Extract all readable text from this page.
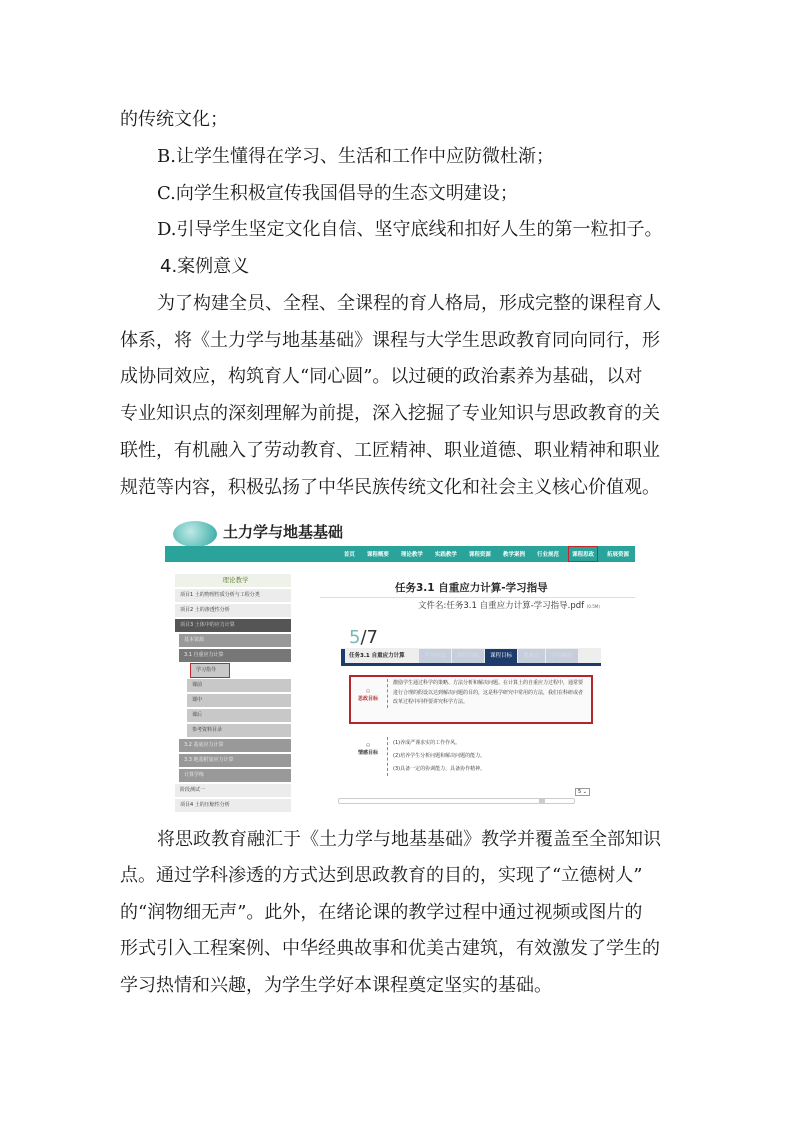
的传统文化；
B.让学生懂得在学习、生活和工作中应防微杜渐；
C.向学生积极宣传我国倡导的生态文明建设；
D.引导学生坚定文化自信、坚守底线和扣好人生的第一粒扣子。
4.案例意义
为了构建全员、全程、全课程的育人格局，形成完整的课程育人
体系，将《土力学与地基基础》课程与大学生思政教育同向同行，形
成协同效应，构筑育人“同心圆”。以过硬的政治素养为基础，以对
专业知识点的深刻理解为前提，深入挖掘了专业知识与思政教育的关
联性，有机融入了劳动教育、工匠精神、职业道德、职业精神和职业
规范等内容，积极弘扬了中华民族传统文化和社会主义核心价值观。
土力学与地基基础
首页	课程概要	理论教学	实践教学	课程资源	教学案例	行业规范	课程思政	拓展资源
理论教学
项目1 土的物理性质分析与工程分类
项目2 土的渗透性分析
项目3 土体中的应力计算
基本资源
3.1 自重应力计算
学习指导
课前
课中
课后
参考资料目录
3.2 基底应力计算
3.3 地基附加应力计算
计算学练
阶段测试一
项目4 土的压缩性分析
任务3.1 自重应力计算-学习指导
文件名:任务3.1 自重应力计算-学习指导.pdf (0.5M)
5/7
任务3.1 自重应力计算	学习方法	知识目标	课程目标	重难点	学习路径
⚇
思政目标
激励学生通过科学的策略、方法分析和解决问题。在计算土的自重应力过程中，通常要进行合理的假设以达到解决问题的目的，这是科学研究中常用的方法，我们在科研或者改革过程中同样要讲究科学方法。
⚇
情感目标
(1)养成严谨求实的工作作风。
(2)培养学生分析问题和解决问题的能力。
(3)具备一定的协调能力、具备协作精神。
5 ⌄
将思政教育融汇于《土力学与地基基础》教学并覆盖至全部知识
点。通过学科渗透的方式达到思政教育的目的，实现了“立德树人”
的“润物细无声”。此外，在绪论课的教学过程中通过视频或图片的
形式引入工程案例、中华经典故事和优美古建筑，有效激发了学生的
学习热情和兴趣，为学生学好本课程奠定坚实的基础。
